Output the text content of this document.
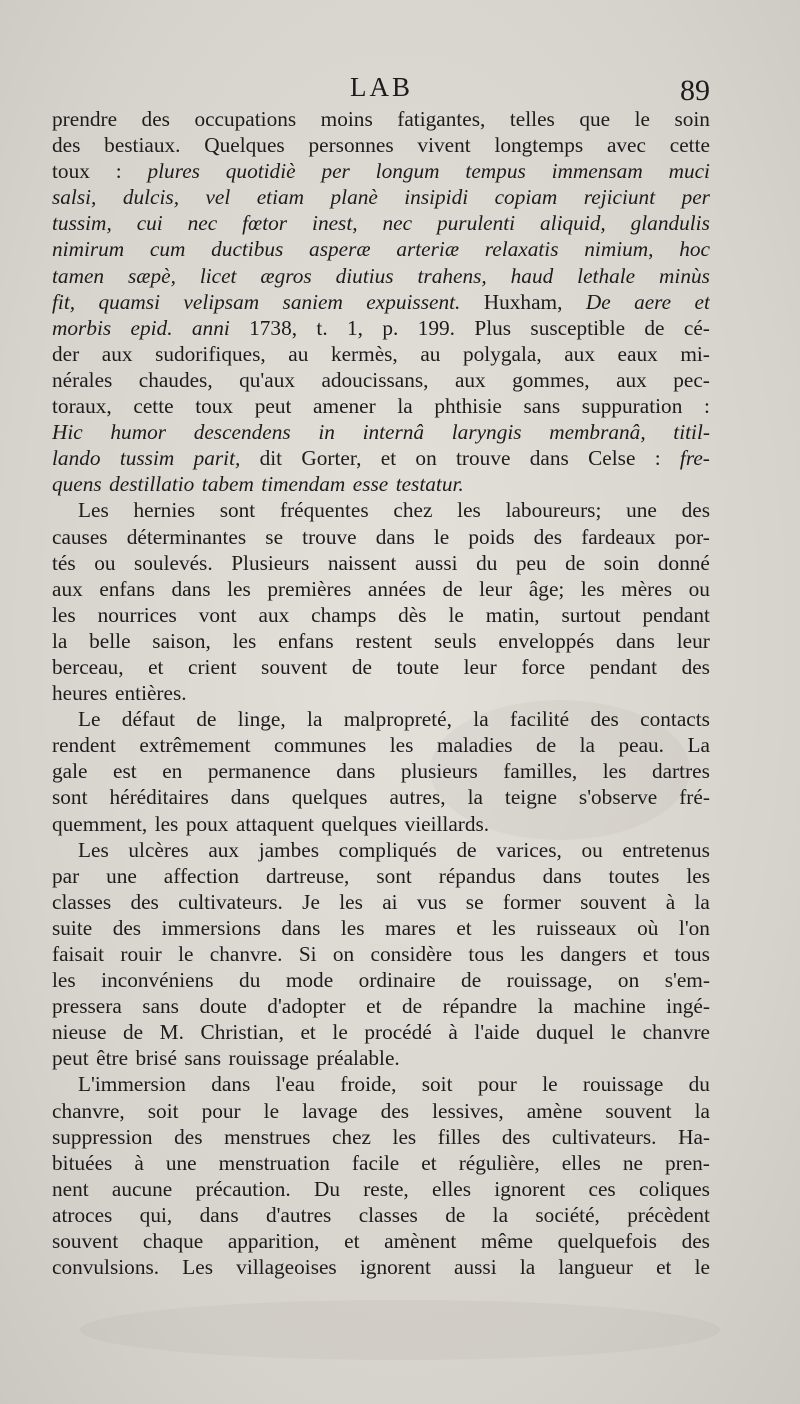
LAB	89
prendre des occupations moins fatigantes, telles que le soin
des bestiaux. Quelques personnes vivent longtemps avec cette
toux : plures quotidiè per longum tempus immensam muci
salsi, dulcis, vel etiam planè insipidi copiam rejiciunt per
tussim, cui nec fœtor inest, nec purulenti aliquid, glandulis
nimirum cum ductibus asperæ arteriæ relaxatis nimium, hoc
tamen sæpè, licet ægros diutius trahens, haud lethale minùs
fit, quamsi velipsam saniem expuissent. Huxham, De aere et
morbis epid. anni 1738, t. 1, p. 199. Plus susceptible de cé-
der aux sudorifiques, au kermès, au polygala, aux eaux mi-
nérales chaudes, qu'aux adoucissans, aux gommes, aux pec-
toraux, cette toux peut amener la phthisie sans suppuration :
Hic humor descendens in internâ laryngis membranâ, titil-
lando tussim parit, dit Gorter, et on trouve dans Celse : fre-
quens destillatio tabem timendam esse testatur.
Les hernies sont fréquentes chez les laboureurs; une des
causes déterminantes se trouve dans le poids des fardeaux por-
tés ou soulevés. Plusieurs naissent aussi du peu de soin donné
aux enfans dans les premières années de leur âge; les mères ou
les nourrices vont aux champs dès le matin, surtout pendant
la belle saison, les enfans restent seuls enveloppés dans leur
berceau, et crient souvent de toute leur force pendant des
heures entières.
Le défaut de linge, la malpropreté, la facilité des contacts
rendent extrêmement communes les maladies de la peau. La
gale est en permanence dans plusieurs familles, les dartres
sont héréditaires dans quelques autres, la teigne s'observe fré-
quemment, les poux attaquent quelques vieillards.
Les ulcères aux jambes compliqués de varices, ou entretenus
par une affection dartreuse, sont répandus dans toutes les
classes des cultivateurs. Je les ai vus se former souvent à la
suite des immersions dans les mares et les ruisseaux où l'on
faisait rouir le chanvre. Si on considère tous les dangers et tous
les inconvéniens du mode ordinaire de rouissage, on s'em-
pressera sans doute d'adopter et de répandre la machine ingé-
nieuse de M. Christian, et le procédé à l'aide duquel le chanvre
peut être brisé sans rouissage préalable.
L'immersion dans l'eau froide, soit pour le rouissage du
chanvre, soit pour le lavage des lessives, amène souvent la
suppression des menstrues chez les filles des cultivateurs. Ha-
bituées à une menstruation facile et régulière, elles ne pren-
nent aucune précaution. Du reste, elles ignorent ces coliques
atroces qui, dans d'autres classes de la société, précèdent
souvent chaque apparition, et amènent même quelquefois des
convulsions. Les villageoises ignorent aussi la langueur et le
